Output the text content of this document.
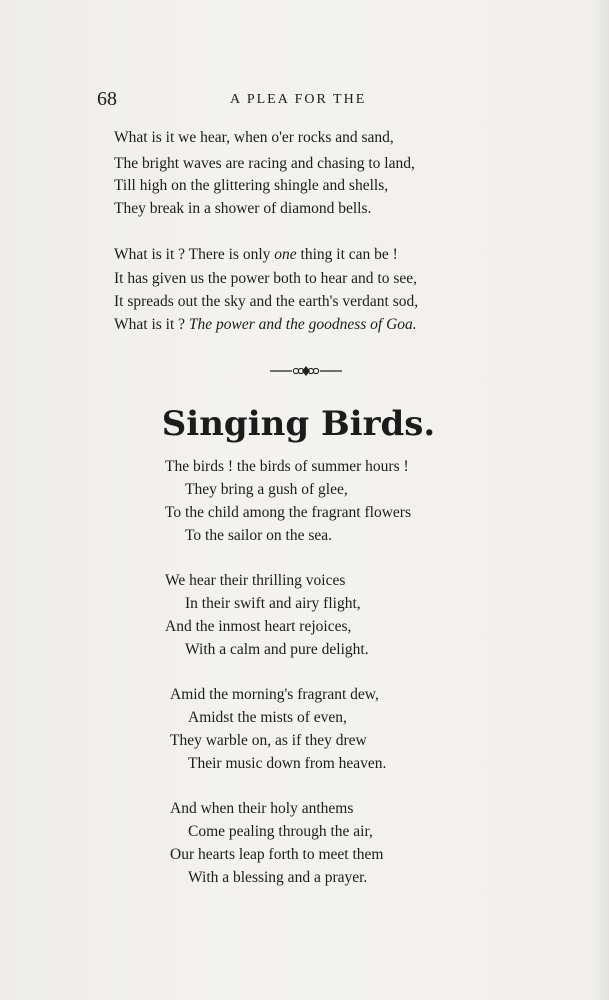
68	A PLEA FOR THE
What is it we hear, when o'er rocks and sand,
The bright waves are racing and chasing to land,
Till high on the glittering shingle and shells,
They break in a shower of diamond bells.
What is it ? There is only one thing it can be !
It has given us the power both to hear and to see,
It spreads out the sky and the earth's verdant sod,
What is it ? The power and the goodness of Goa.
Singing Birds.
The birds ! the birds of summer hours !
They bring a gush of glee,
To the child among the fragrant flowers
To the sailor on the sea.
We hear their thrilling voices
In their swift and airy flight,
And the inmost heart rejoices,
With a calm and pure delight.
Amid the morning's fragrant dew,
Amidst the mists of even,
They warble on, as if they drew
Their music down from heaven.
And when their holy anthems
Come pealing through the air,
Our hearts leap forth to meet them
With a blessing and a prayer.
